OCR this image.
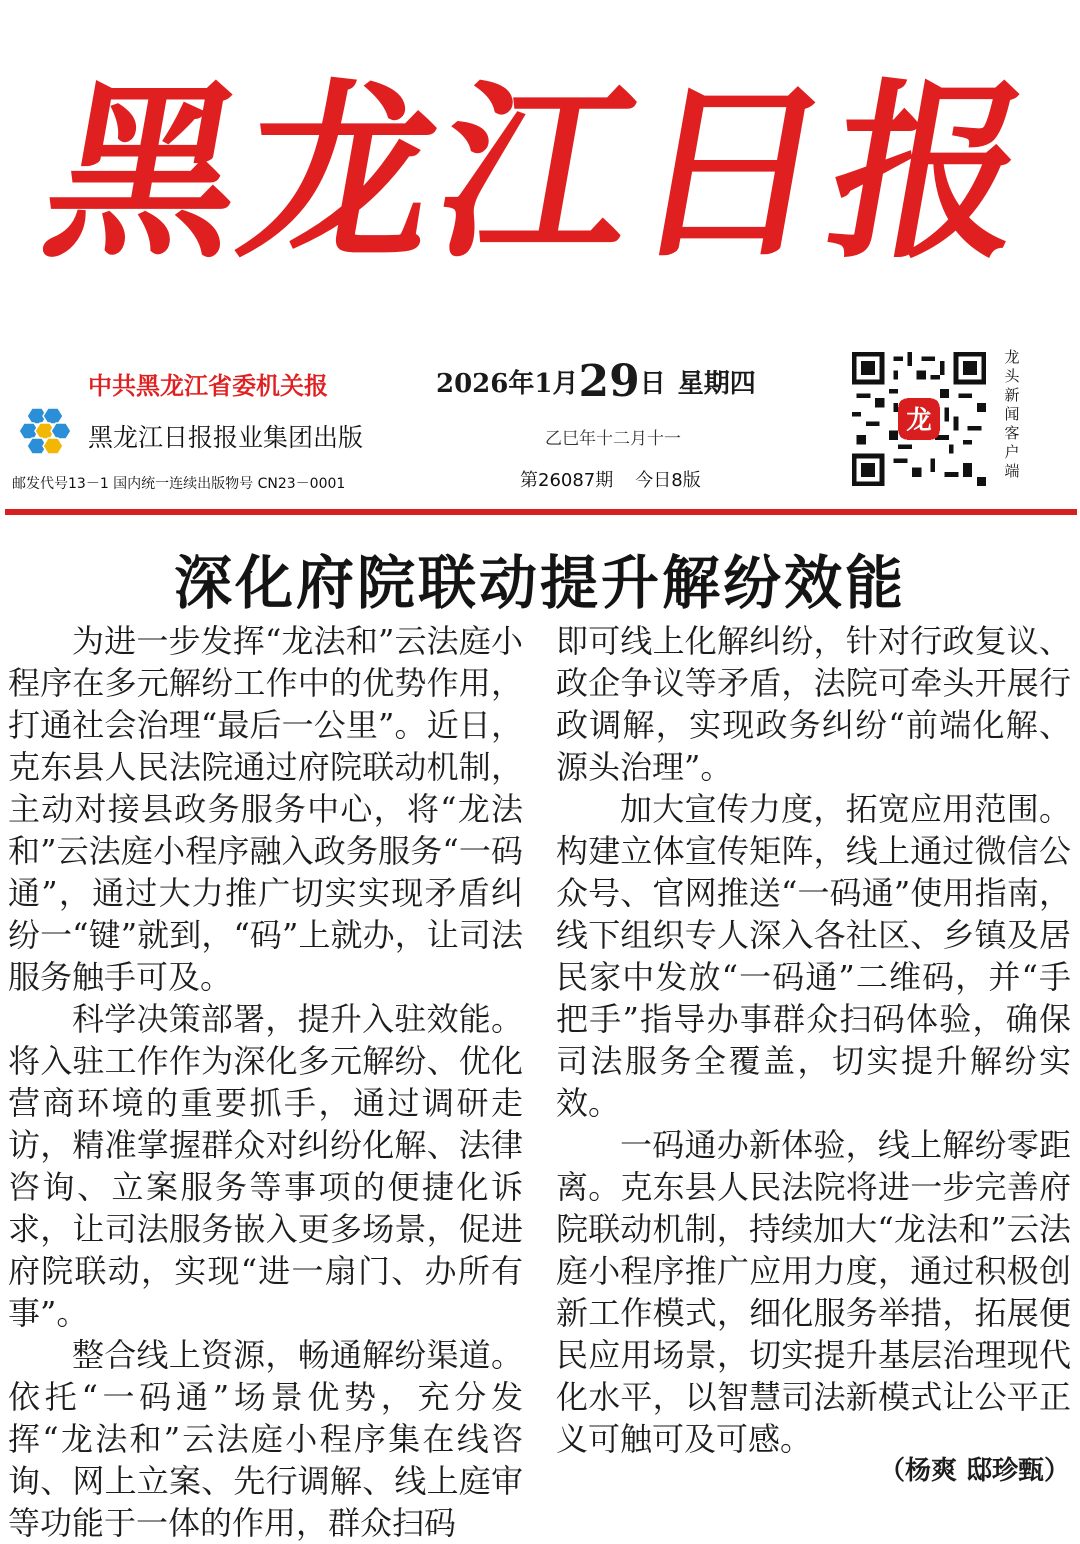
黑龙江日报
中共黑龙江省委机关报
黑龙江日报报业集团出版
邮发代号13－1 国内统一连续出版物号 CN23－0001
2026年1月29日 星期四
乙巳年十二月十一
第26087期 今日8版
龙
龙头新闻客户端
深化府院联动提升解纷效能

为进一步发挥“龙法和”云法庭小程序在多元解纷工作中的优势作用，打通社会治理“最后一公里”。近日，克东县人民法院通过府院联动机制，主动对接县政务服务中心，将“龙法和”云法庭小程序融入政务服务“一码通”，通过大力推广切实实现矛盾纠纷一“键”就到，“码”上就办，让司法服务触手可及。

科学决策部署，提升入驻效能。将入驻工作作为深化多元解纷、优化营商环境的重要抓手，通过调研走访，精准掌握群众对纠纷化解、法律咨询、立案服务等事项的便捷化诉求，让司法服务嵌入更多场景，促进府院联动，实现“进一扇门、办所有事”。

整合线上资源，畅通解纷渠道。依托“一码通”场景优势，充分发挥“龙法和”云法庭小程序集在线咨询、网上立案、先行调解、线上庭审等功能于一体的作用，群众扫码

即可线上化解纠纷，针对行政复议、政企争议等矛盾，法院可牵头开展行政调解，实现政务纠纷“前端化解、源头治理”。

加大宣传力度，拓宽应用范围。构建立体宣传矩阵，线上通过微信公众号、官网推送“一码通”使用指南，线下组织专人深入各社区、乡镇及居民家中发放“一码通”二维码，并“手把手”指导办事群众扫码体验，确保司法服务全覆盖，切实提升解纷实效。

一码通办新体验，线上解纷零距离。克东县人民法院将进一步完善府院联动机制，持续加大“龙法和”云法庭小程序推广应用力度，通过积极创新工作模式，细化服务举措，拓展便民应用场景，切实提升基层治理现代化水平，以智慧司法新模式让公平正义可触可及可感。

（杨爽 邸珍甄）
